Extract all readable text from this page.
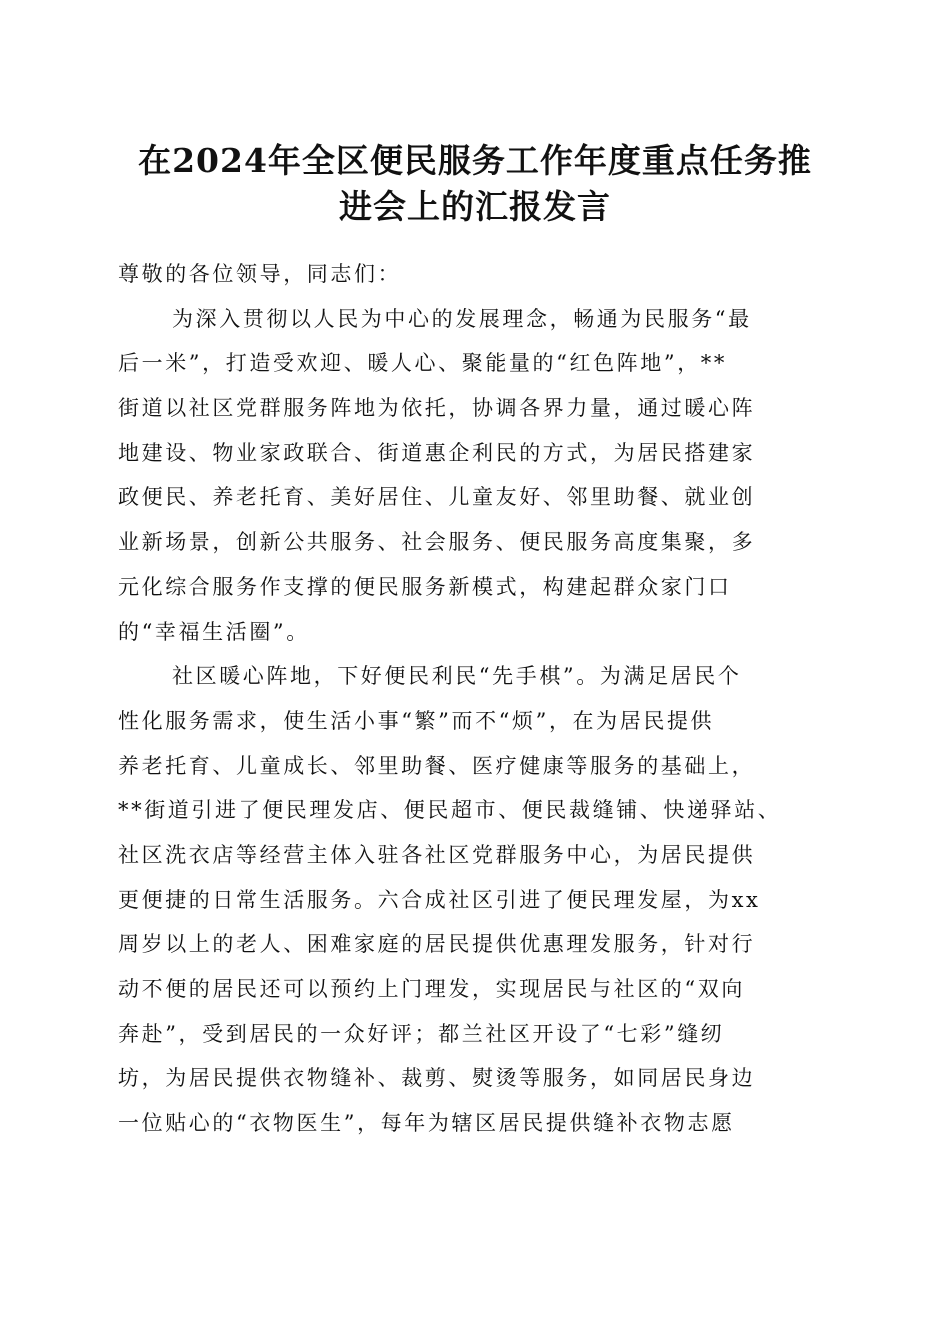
在2024年全区便民服务工作年度重点任务推
进会上的汇报发言
尊敬的各位领导，同志们：
为深入贯彻以人民为中心的发展理念，畅通为民服务“最
后一米”，打造受欢迎、暖人心、聚能量的“红色阵地”，**
街道以社区党群服务阵地为依托，协调各界力量，通过暖心阵
地建设、物业家政联合、街道惠企利民的方式，为居民搭建家
政便民、养老托育、美好居住、儿童友好、邻里助餐、就业创
业新场景，创新公共服务、社会服务、便民服务高度集聚，多
元化综合服务作支撑的便民服务新模式，构建起群众家门口
的“幸福生活圈”。
社区暖心阵地，下好便民利民“先手棋”。为满足居民个
性化服务需求，使生活小事“繁”而不“烦”，在为居民提供
养老托育、儿童成长、邻里助餐、医疗健康等服务的基础上，
**街道引进了便民理发店、便民超市、便民裁缝铺、快递驿站、
社区洗衣店等经营主体入驻各社区党群服务中心，为居民提供
更便捷的日常生活服务。六合成社区引进了便民理发屋，为xx
周岁以上的老人、困难家庭的居民提供优惠理发服务，针对行
动不便的居民还可以预约上门理发，实现居民与社区的“双向
奔赴”，受到居民的一众好评；都兰社区开设了“七彩”缝纫
坊，为居民提供衣物缝补、裁剪、熨烫等服务，如同居民身边
一位贴心的“衣物医生”，每年为辖区居民提供缝补衣物志愿
